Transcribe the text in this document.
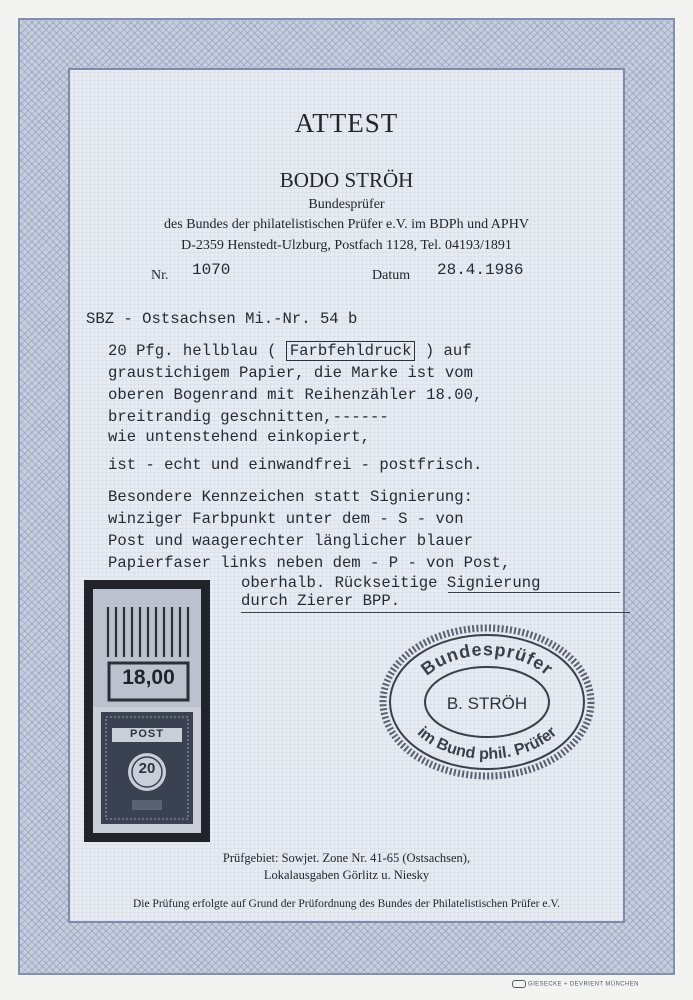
ATTEST
BODO STRÖH
Bundesprüfer
des Bundes der philatelistischen Prüfer e.V. im BDPh und APHV
D-2359 Henstedt-Ulzburg, Postfach 1128, Tel. 04193/1891
Nr. 1070	Datum 28.4.1986
SBZ - Ostsachsen Mi.-Nr. 54 b
20 Pfg. hellblau ( Farbfehldruck ) auf
graustichigem Papier, die Marke ist vom
oberen Bogenrand mit Reihenzähler 18.00,
breitrandig geschnitten,------
wie untenstehend einkopiert,
ist - echt und einwandfrei - postfrisch.
Besondere Kennzeichen statt Signierung:
winziger Farbpunkt unter dem - S - von
Post und waagerechter länglicher blauer
Papierfaser links neben dem - P - von Post,
oberhalb. Rückseitige Signierung
durch Zierer BPP.
18,00
POST
20
Bundesprüfer
im Bund phil. Prüfer
B. STRÖH
Prüfgebiet: Sowjet. Zone Nr. 41-65 (Ostsachsen),
Lokalausgaben Görlitz u. Niesky
Die Prüfung erfolgte auf Grund der Prüfordnung des Bundes der Philatelistischen Prüfer e.V.
GIESECKE + DEVRIENT MÜNCHEN
